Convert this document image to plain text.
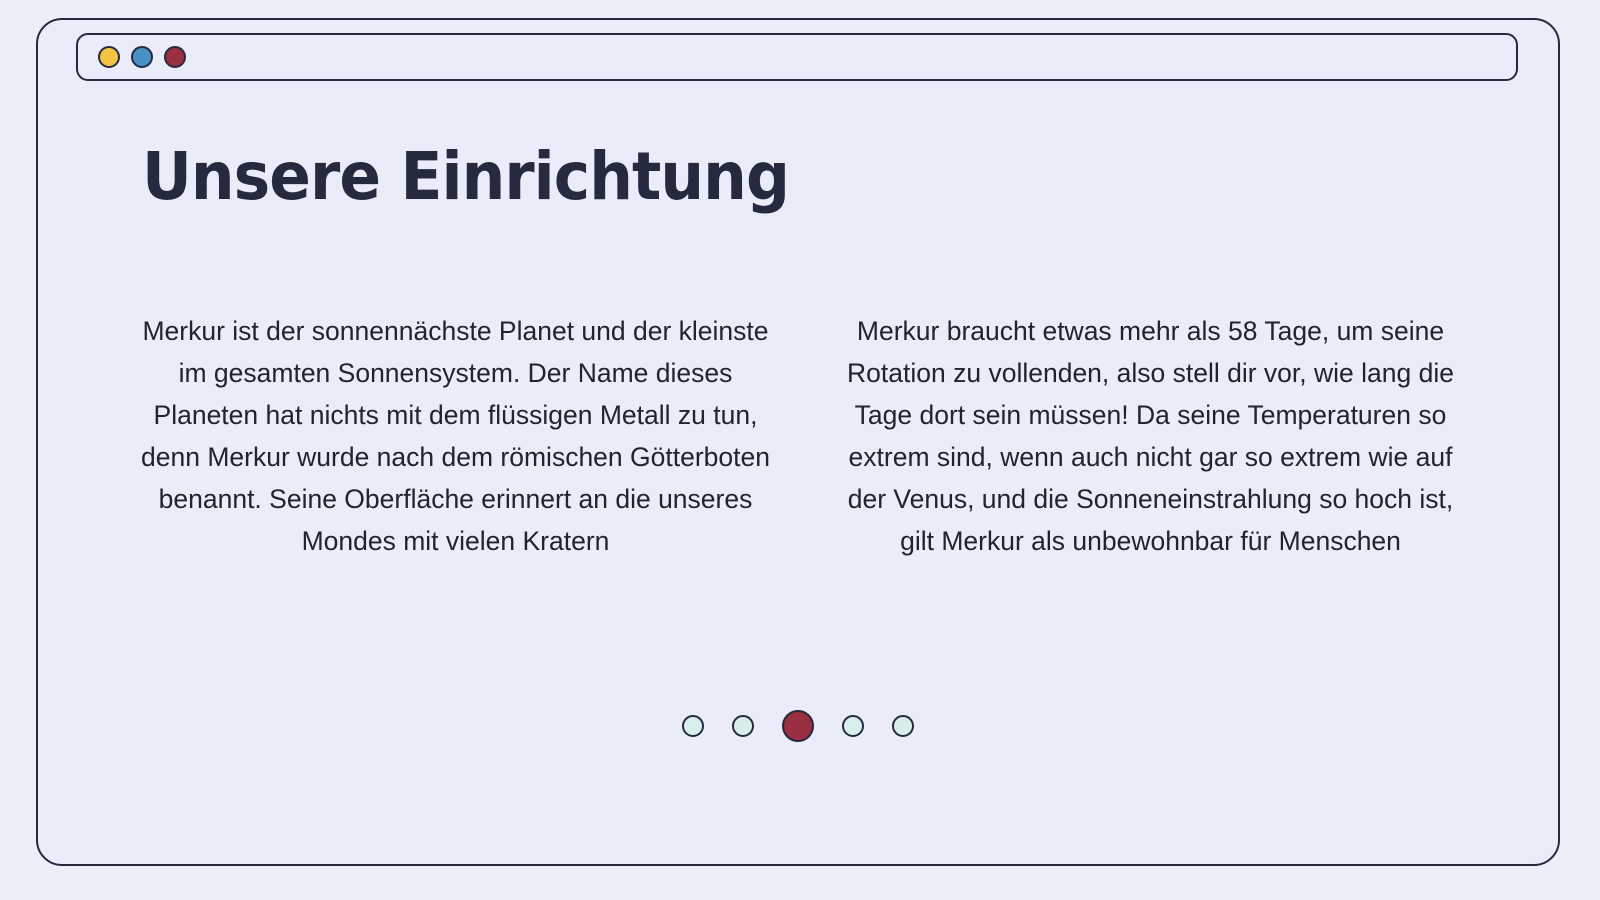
Unsere Einrichtung

Merkur ist der sonnennächste Planet und der kleinste im gesamten Sonnensystem. Der Name dieses Planeten hat nichts mit dem flüssigen Metall zu tun, denn Merkur wurde nach dem römischen Götterboten benannt. Seine Oberfläche erinnert an die unseres Mondes mit vielen Kratern

Merkur braucht etwas mehr als 58 Tage, um seine Rotation zu vollenden, also stell dir vor, wie lang die Tage dort sein müssen! Da seine Temperaturen so extrem sind, wenn auch nicht gar so extrem wie auf der Venus, und die Sonneneinstrahlung so hoch ist, gilt Merkur als unbewohnbar für Menschen
